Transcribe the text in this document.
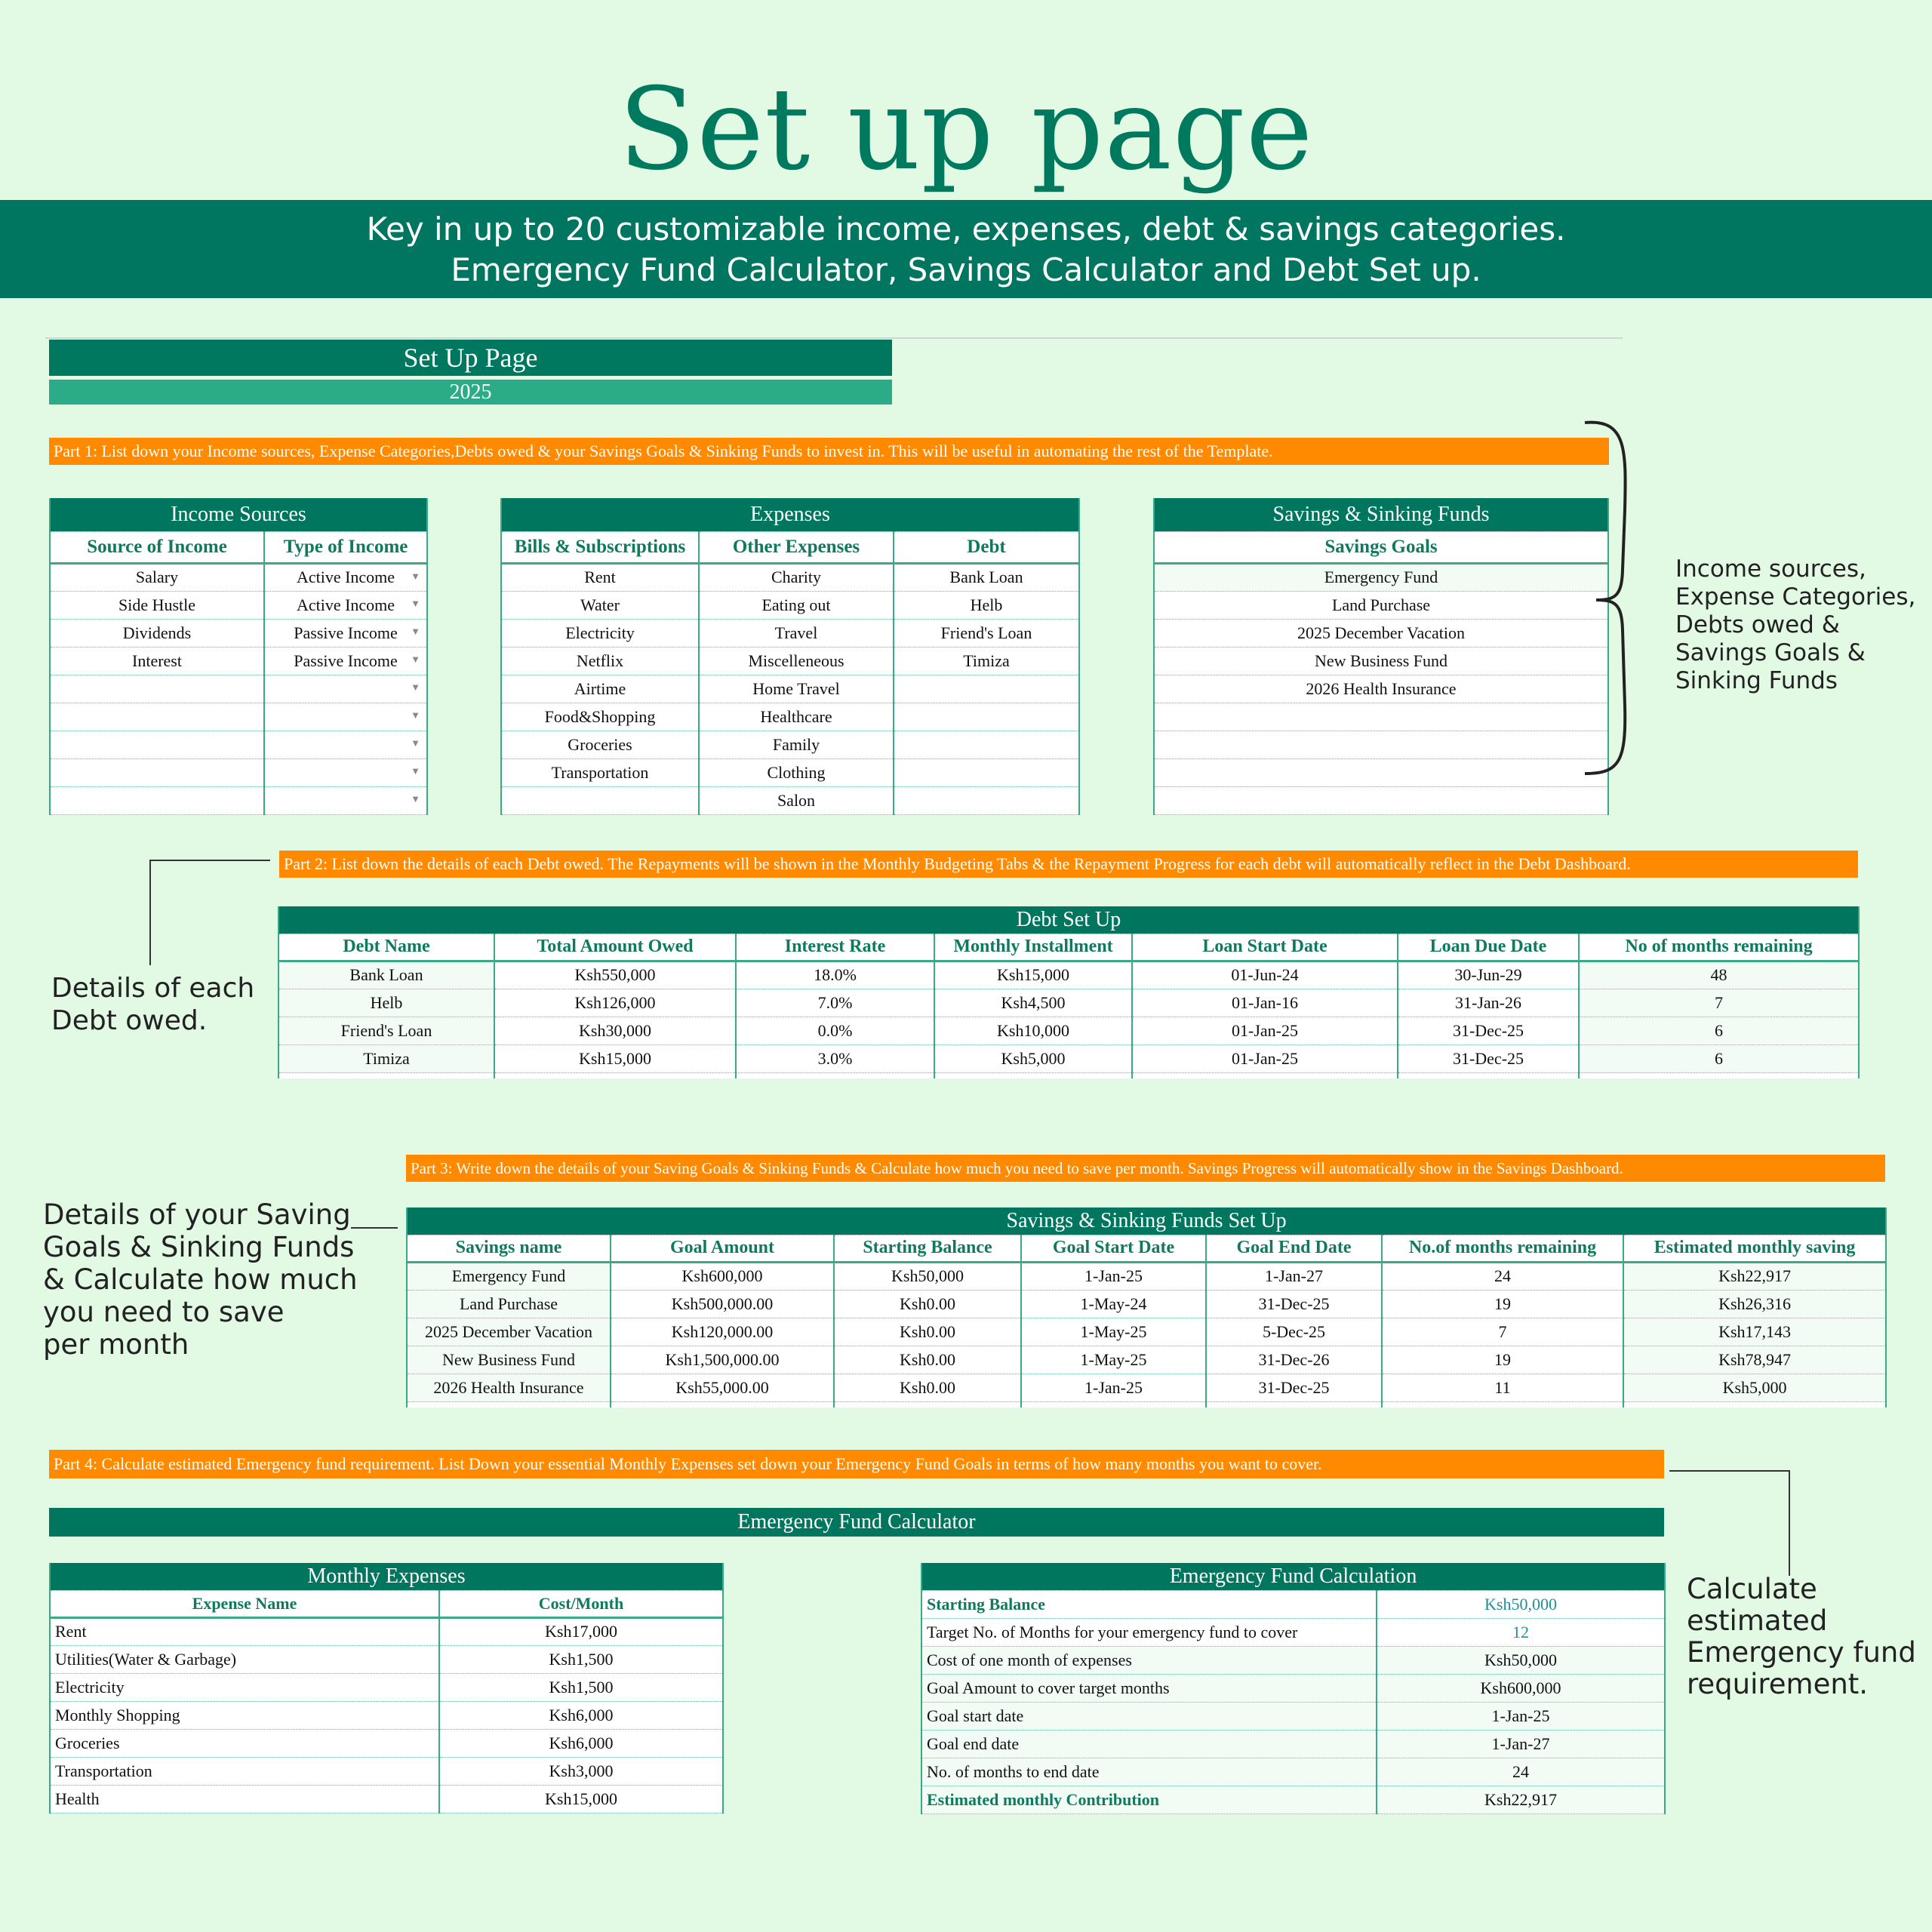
Set up page
Key in up to 20 customizable income, expenses, debt & savings categories.
Emergency Fund Calculator, Savings Calculator and Debt Set up.
Set Up Page
2025
Part 1: List down your Income sources, Expense Categories,Debts owed & your Savings Goals & Sinking Funds to invest in. This will be useful in automating the rest of the Template.
Income Sources	
Source of Income	Type of Income
Salary	Active Income ▼

Side Hustle	Active Income ▼

Dividends	Passive Income ▼

Interest	Passive Income ▼

	▼

	▼

	▼

	▼

	▼
Expenses		
Bills & Subscriptions	Other Expenses	Debt
Rent	Charity	Bank Loan
Water	Eating out	Helb
Electricity	Travel	Friend's Loan
Netflix	Miscelleneous	Timiza
Airtime	Home Travel	
Food&Shopping	Healthcare	
Groceries	Family	
Transportation	Clothing	
	Salon	
Savings & Sinking Funds
Savings Goals
Emergency Fund
Land Purchase
2025 December Vacation
New Business Fund
2026 Health Insurance

Income sources,
Expense Categories,
Debts owed &
Savings Goals &
Sinking Funds
Part 2: List down the details of each Debt owed. The Repayments will be shown in the Monthly Budgeting Tabs & the Repayment Progress for each debt will automatically reflect in the Debt Dashboard.
Details of each
Debt owed.
Debt Set Up						
Debt Name	Total Amount Owed	Interest Rate	Monthly Installment	Loan Start Date	Loan Due Date	No of months remaining
Bank Loan	Ksh550,000	18.0%	Ksh15,000	01-Jun-24	30-Jun-29	48
Helb	Ksh126,000	7.0%	Ksh4,500	01-Jan-16	31-Jan-26	7
Friend's Loan	Ksh30,000	0.0%	Ksh10,000	01-Jan-25	31-Dec-25	6
Timiza	Ksh15,000	3.0%	Ksh5,000	01-Jan-25	31-Dec-25	6

Part 3: Write down the details of your Saving Goals & Sinking Funds & Calculate how much you need to save per month. Savings Progress will automatically show in the Savings Dashboard.
Details of your Saving
Goals & Sinking Funds
& Calculate how much
you need to save
per month
Savings & Sinking Funds Set Up						
Savings name	Goal Amount	Starting Balance	Goal Start Date	Goal End Date	No.of months remaining	Estimated monthly saving
Emergency Fund	Ksh600,000	Ksh50,000	1-Jan-25	1-Jan-27	24	Ksh22,917
Land Purchase	Ksh500,000.00	Ksh0.00	1-May-24	31-Dec-25	19	Ksh26,316
2025 December Vacation	Ksh120,000.00	Ksh0.00	1-May-25	5-Dec-25	7	Ksh17,143
New Business Fund	Ksh1,500,000.00	Ksh0.00	1-May-25	31-Dec-26	19	Ksh78,947
2026 Health Insurance	Ksh55,000.00	Ksh0.00	1-Jan-25	31-Dec-25	11	Ksh5,000

Part 4: Calculate estimated Emergency fund requirement. List Down your essential Monthly Expenses set down your Emergency Fund Goals in terms of how many months you want to cover.
Calculate
estimated
Emergency fund
requirement.
Emergency Fund Calculator
Monthly Expenses	
Expense Name	Cost/Month
Rent	Ksh17,000
Utilities(Water & Garbage)	Ksh1,500
Electricity	Ksh1,500
Monthly Shopping	Ksh6,000
Groceries	Ksh6,000
Transportation	Ksh3,000
Health	Ksh15,000
Emergency Fund Calculation	
Starting Balance	Ksh50,000
Target No. of Months for your emergency fund to cover	12
Cost of one month of expenses	Ksh50,000
Goal Amount to cover target months	Ksh600,000
Goal start date	1-Jan-25
Goal end date	1-Jan-27
No. of months to end date	24
Estimated monthly Contribution	Ksh22,917
